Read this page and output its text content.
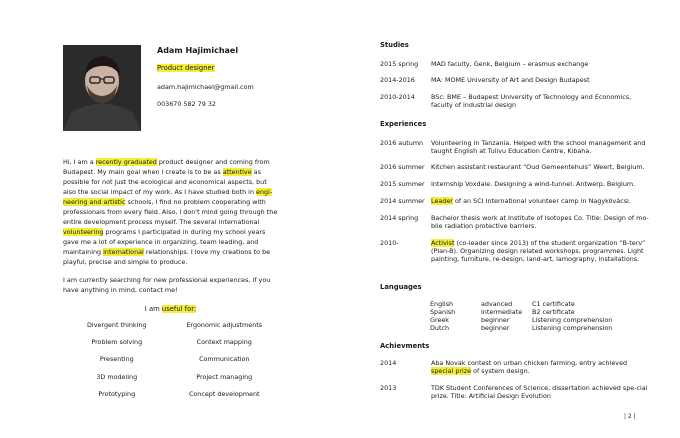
Adam Hajimichael
Product designer
adam.hajimichael@gmail.com
003670 582 79 32

Hi, I am a recently graduated product designer and coming from Budapest. My main goal when I create is to be as attentive as possible for not just the ecological and economical aspects, but also the social impact of my work. As I have studied both in engi-neering and artistic schools, I find no problem cooperating with professionals from every field. Also, I don't mind going through the entire development process myself. The several international volunteering programs I participated in during my school years gave me a lot of experience in organizing, team leading, and maintaining international relationships. I love my creations to be playful, precise and simple to produce.

I am currently searching for new professional experiences, if you have anything in mind, contact me!

I am useful for:
Divergent thinking	Ergonomic adjustments
Problem solving	Context mapping
Presenting	Communication
3D modeling	Project managing
Prototyping	Concept development
Studies
2015 spring	MAD faculty, Genk, Belgium – erasmus exchange
2014-2016	MA: MOME University of Art and Design Budapest
2010-2014	BSc: BME – Budapest University of Technology and Economics, faculty of industrial design
Experiences
2016 autumn	Volunteering in Tanzania. Helped with the school management and taught English at Tulivu Education Centre, Kibaha.
2016 summer Kitchen assistant restaurant “Oud Gemeentehuis” Weert, Belgium.
2015 summer Internship Voxdale. Designing a wind-tunnel. Antwerp, Belgium.
2014 summer Leader of an SCI International volunteer camp in Nagykövácsi.
2014 spring	Bachelor thesis work at Institute of Isotopes Co. Title: Design of mo-bile radiation protective barriers.
2010-	Activist (co-leader since 2013) of the student organization “B-terv” (Plan-B). Organizing design related workshops, programmes. Light painting, furniture, re-design, land-art, lamography, installations.
Languages
English	advanced	C1 certificate
Spanish	intermediate	B2 certificate
Greek	beginner	Listening comprehension
Dutch	beginner	Listening comprehension
Achievments
2014	Aba Novak contest on urban chicken farming, entry achieved special prize of system design.
2013	TDK Student Conferences of Science, dissertation achieved spe-cial prize. Title: Artificial Design Evolution
| 2 |
